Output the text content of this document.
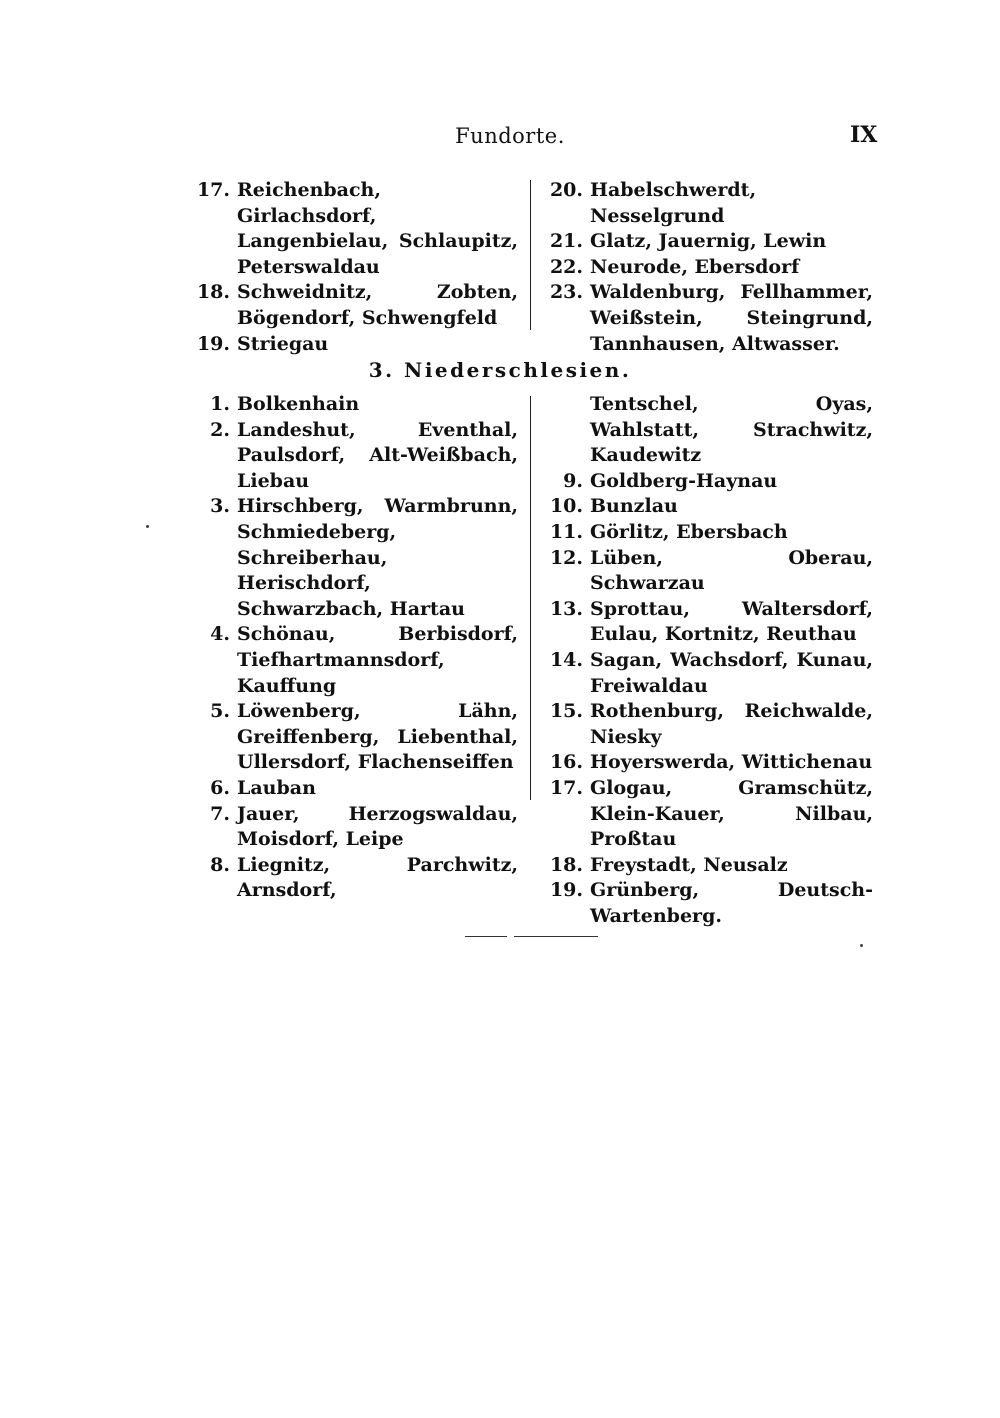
Fundorte.	IX
17. Reichenbach, Girlachsdorf, Langenbielau, Schlaupitz, Peterswaldau
18. Schweidnitz, Zobten, Bögendorf, Schwengfeld
19. Striegau
20. Habelschwerdt, Nesselgrund
21. Glatz, Jauernig, Lewin
22. Neurode, Ebersdorf
23. Waldenburg, Fellhammer, Weißstein, Steingrund, Tannhausen, Altwasser.
3. Niederschlesien.
1. Bolkenhain
2. Landeshut, Eventhal, Paulsdorf, Alt-Weißbach, Liebau
3. Hirschberg, Warmbrunn, Schmiedeberg, Schreiberhau, Herischdorf, Schwarzbach, Hartau
4. Schönau, Berbisdorf, Tiefhartmannsdorf, Kauffung
5. Löwenberg, Lähn, Greiffenberg, Liebenthal, Ullersdorf, Flachenseiffen
6. Lauban
7. Jauer, Herzogswaldau, Moisdorf, Leipe
8. Liegnitz, Parchwitz, Arnsdorf,
Tentschel, Oyas, Wahlstatt, Strachwitz, Kaudewitz
9. Goldberg-Haynau
10. Bunzlau
11. Görlitz, Ebersbach
12. Lüben, Oberau, Schwarzau
13. Sprottau, Waltersdorf, Eulau, Kortnitz, Reuthau
14. Sagan, Wachsdorf, Kunau, Freiwaldau
15. Rothenburg, Reichwalde, Niesky
16. Hoyerswerda, Wittichenau
17. Glogau, Gramschütz, Klein-Kauer, Nilbau, Proßtau
18. Freystadt, Neusalz
19. Grünberg, Deutsch-Wartenberg.
